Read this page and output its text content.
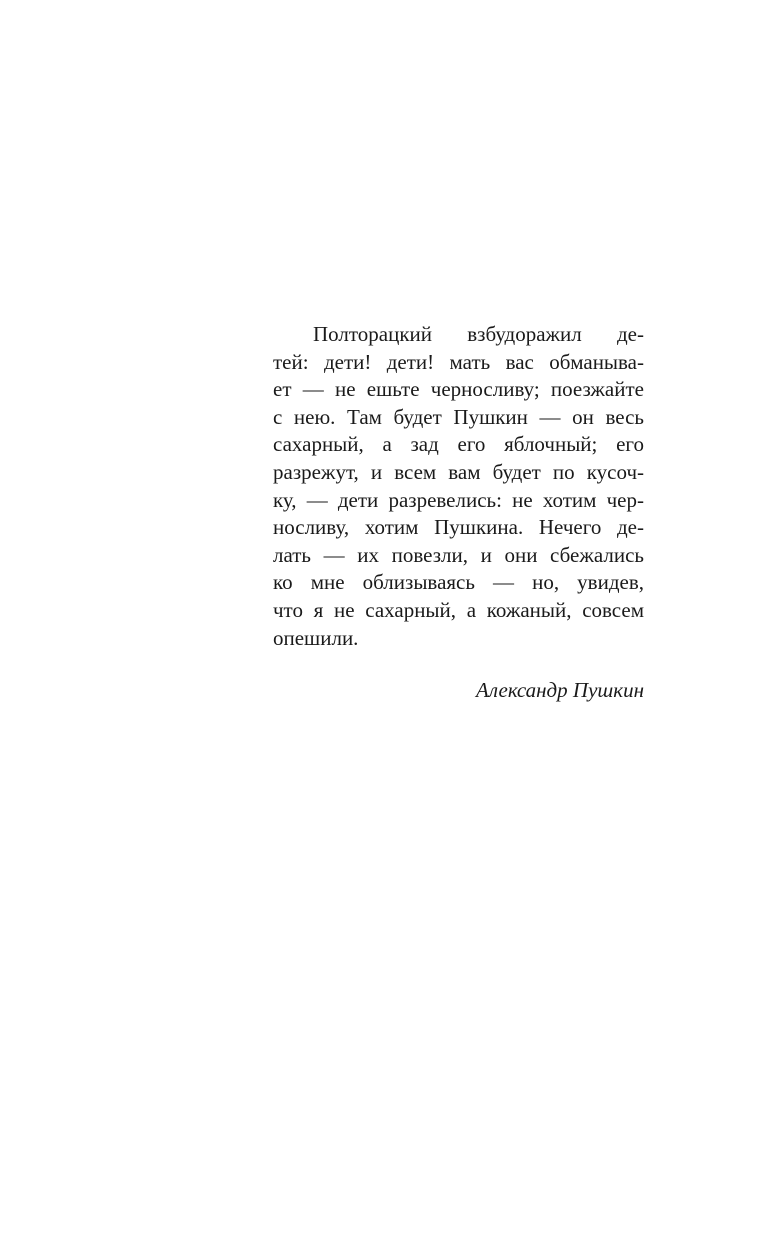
Полторацкий взбудоражил де-
тей: дети! дети! мать вас обманыва-
ет — не ешьте черносливу; поезжайте
с нею. Там будет Пушкин — он весь
сахарный, а зад его яблочный; его
разрежут, и всем вам будет по кусоч-
ку, — дети разревелись: не хотим чер-
носливу, хотим Пушкина. Нечего де-
лать — их повезли, и они сбежались
ко мне облизываясь — но, увидев,
что я не сахарный, а кожаный, совсем
опешили.
Александр Пушкин
